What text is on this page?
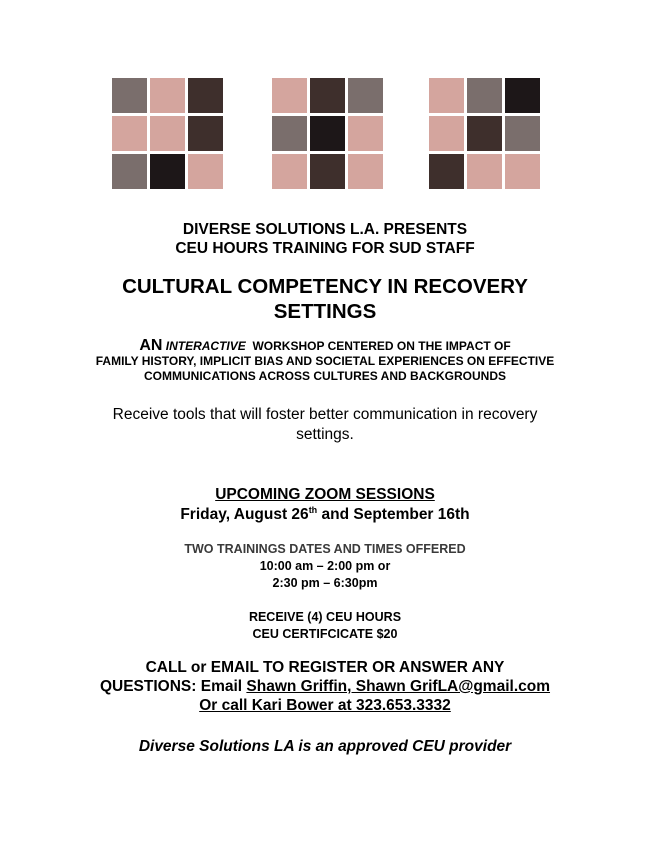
DIVERSE SOLUTIONS L.A. PRESENTS
CEU HOURS TRAINING FOR SUD STAFF
CULTURAL COMPETENCY IN RECOVERY
SETTINGS
AN INTERACTIVE WORKSHOP CENTERED ON THE IMPACT OF
FAMILY HISTORY, IMPLICIT BIAS AND SOCIETAL EXPERIENCES ON EFFECTIVE
COMMUNICATIONS ACROSS CULTURES AND BACKGROUNDS
Receive tools that will foster better communication in recovery
settings.
UPCOMING ZOOM SESSIONS
Friday, August 26th and September 16th
TWO TRAININGS DATES AND TIMES OFFERED
10:00 am – 2:00 pm or
2:30 pm – 6:30pm
RECEIVE (4) CEU HOURS
CEU CERTIFCICATE $20
CALL or EMAIL TO REGISTER OR ANSWER ANY
QUESTIONS: Email Shawn Griffin, Shawn GrifLA@gmail.com
Or call Kari Bower at 323.653.3332
Diverse Solutions LA is an approved CEU provider
